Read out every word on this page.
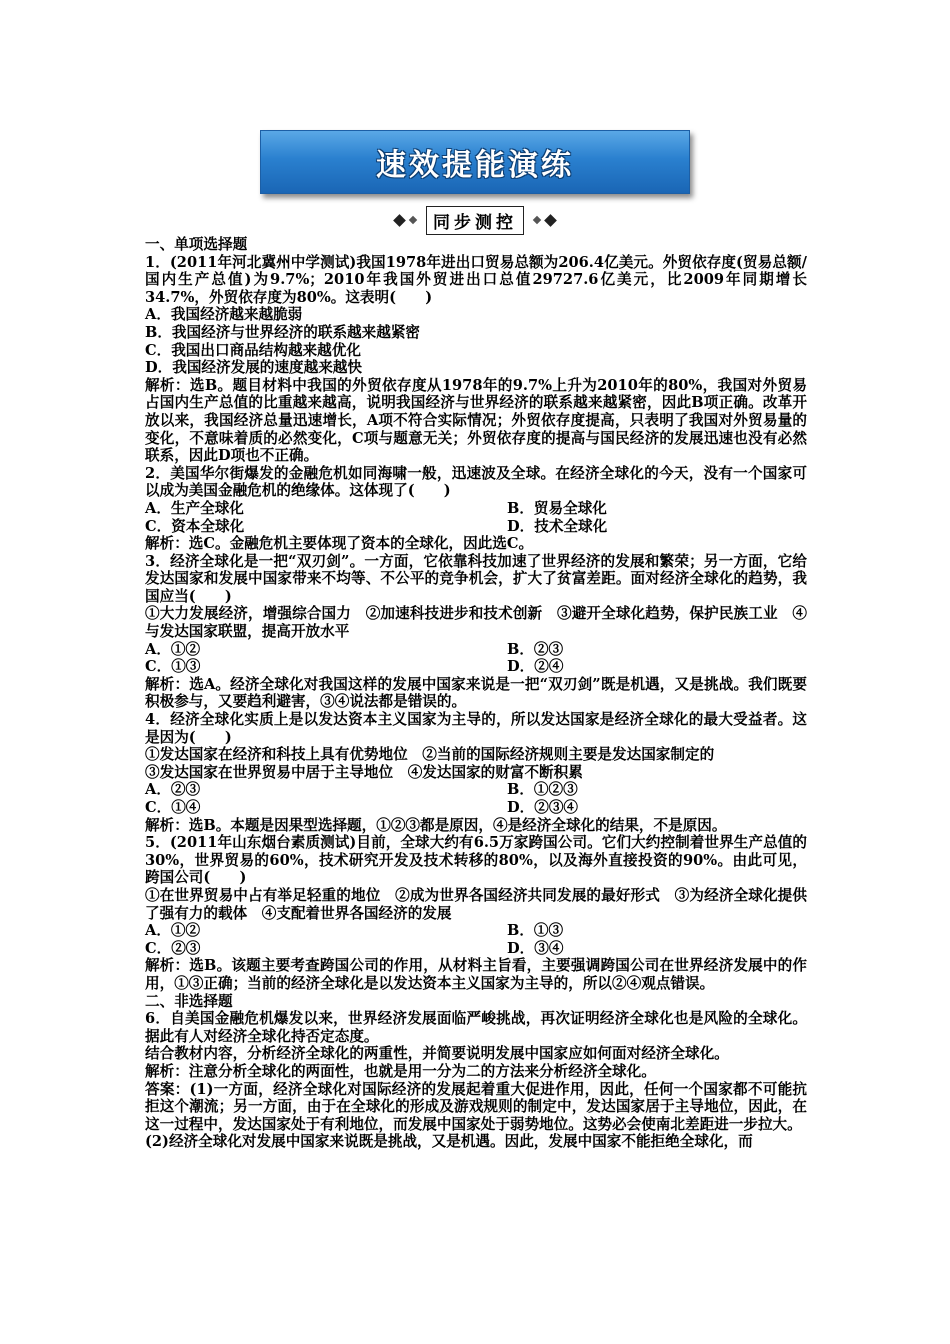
速效提能演练
同步测控

一、单项选择题

1．(2011年河北冀州中学测试)我国1978年进出口贸易总额为206.4亿美元。外贸依存度(贸易总额/国内生产总值)为9.7%；2010年我国外贸进出口总值29727.6亿美元，比2009年同期增长34.7%，外贸依存度为80%。这表明(　　)

A．我国经济越来越脆弱

B．我国经济与世界经济的联系越来越紧密

C．我国出口商品结构越来越优化

D．我国经济发展的速度越来越快

解析：选B。题目材料中我国的外贸依存度从1978年的9.7%上升为2010年的80%，我国对外贸易占国内生产总值的比重越来越高，说明我国经济与世界经济的联系越来越紧密，因此B项正确。改革开放以来，我国经济总量迅速增长，A项不符合实际情况；外贸依存度提高，只表明了我国对外贸易量的变化，不意味着质的必然变化，C项与题意无关；外贸依存度的提高与国民经济的发展迅速也没有必然联系，因此D项也不正确。

2．美国华尔街爆发的金融危机如同海啸一般，迅速波及全球。在经济全球化的今天，没有一个国家可以成为美国金融危机的绝缘体。这体现了(　　)

A．生产全球化	B．贸易全球化
C．资本全球化	D．技术全球化

解析：选C。金融危机主要体现了资本的全球化，因此选C。

3．经济全球化是一把“双刃剑”。一方面，它依靠科技加速了世界经济的发展和繁荣；另一方面，它给发达国家和发展中国家带来不均等、不公平的竞争机会，扩大了贫富差距。面对经济全球化的趋势，我国应当(　　)

①大力发展经济，增强综合国力　②加速科技进步和技术创新　③避开全球化趋势，保护民族工业　④与发达国家联盟，提高开放水平

A．①②	B．②③
C．①③	D．②④

解析：选A。经济全球化对我国这样的发展中国家来说是一把“双刃剑”既是机遇，又是挑战。我们既要积极参与，又要趋利避害，③④说法都是错误的。

4．经济全球化实质上是以发达资本主义国家为主导的，所以发达国家是经济全球化的最大受益者。这是因为(　　)

①发达国家在经济和科技上具有优势地位　②当前的国际经济规则主要是发达国家制定的

③发达国家在世界贸易中居于主导地位　④发达国家的财富不断积累

A．②③	B．①②③
C．①④	D．②③④

解析：选B。本题是因果型选择题，①②③都是原因，④是经济全球化的结果，不是原因。

5．(2011年山东烟台素质测试)目前，全球大约有6.5万家跨国公司。它们大约控制着世界生产总值的30%，世界贸易的60%，技术研究开发及技术转移的80%，以及海外直接投资的90%。由此可见，跨国公司(　　)

①在世界贸易中占有举足轻重的地位　②成为世界各国经济共同发展的最好形式　③为经济全球化提供了强有力的载体　④支配着世界各国经济的发展

A．①②	B．①③
C．②③	D．③④

解析：选B。该题主要考查跨国公司的作用，从材料主旨看，主要强调跨国公司在世界经济发展中的作用，①③正确；当前的经济全球化是以发达资本主义国家为主导的，所以②④观点错误。

二、非选择题

6．自美国金融危机爆发以来，世界经济发展面临严峻挑战，再次证明经济全球化也是风险的全球化。据此有人对经济全球化持否定态度。

结合教材内容，分析经济全球化的两重性，并简要说明发展中国家应如何面对经济全球化。

解析：注意分析全球化的两面性，也就是用一分为二的方法来分析经济全球化。

答案：(1)一方面，经济全球化对国际经济的发展起着重大促进作用，因此，任何一个国家都不可能抗拒这个潮流；另一方面，由于在全球化的形成及游戏规则的制定中，发达国家居于主导地位，因此，在这一过程中，发达国家处于有利地位，而发展中国家处于弱势地位。这势必会使南北差距进一步拉大。

(2)经济全球化对发展中国家来说既是挑战，又是机遇。因此，发展中国家不能拒绝全球化，而
